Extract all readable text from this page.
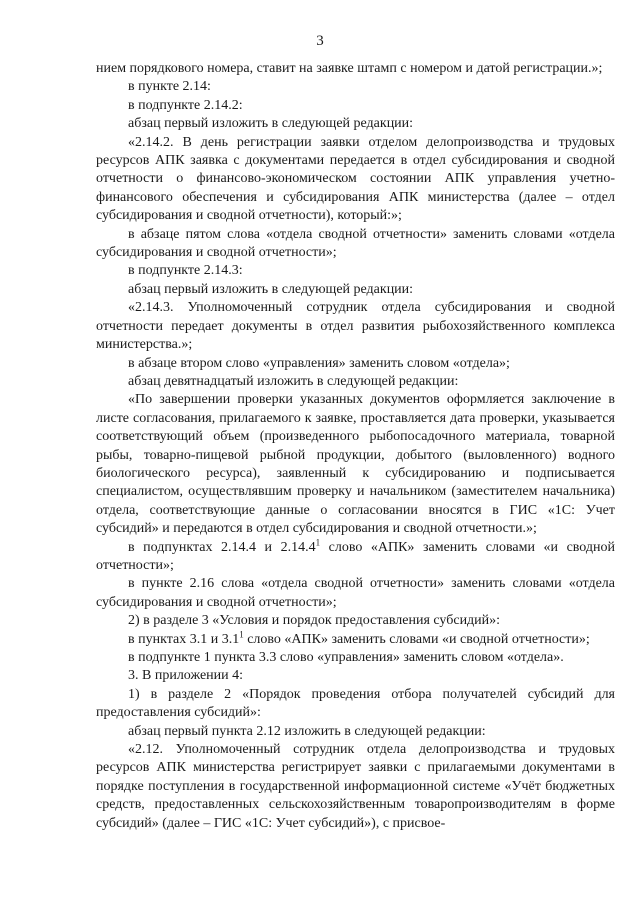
3

нием порядкового номера, ставит на заявке штамп с номером и датой регистрации.»;

в пункте 2.14:

в подпункте 2.14.2:

абзац первый изложить в следующей редакции:

«2.14.2. В день регистрации заявки отделом делопроизводства и трудовых ресурсов АПК заявка с документами передается в отдел субсидирования и сводной отчетности о финансово-экономическом состоянии АПК управления учетно-финансового обеспечения и субсидирования АПК министерства (далее – отдел субсидирования и сводной отчетности), который:»;

в абзаце пятом слова «отдела сводной отчетности» заменить словами «отдела субсидирования и сводной отчетности»;

в подпункте 2.14.3:

абзац первый изложить в следующей редакции:

«2.14.3. Уполномоченный сотрудник отдела субсидирования и сводной отчетности передает документы в отдел развития рыбохозяйственного комплекса министерства.»;

в абзаце втором слово «управления» заменить словом «отдела»;

абзац девятнадцатый изложить в следующей редакции:

«По завершении проверки указанных документов оформляется заключение в листе согласования, прилагаемого к заявке, проставляется дата проверки, указывается соответствующий объем (произведенного рыбопосадочного материала, товарной рыбы, товарно-пищевой рыбной продукции, добытого (выловленного) водного биологического ресурса), заявленный к субсидированию и подписывается специалистом, осуществлявшим проверку и начальником (заместителем начальника) отдела, соответствующие данные о согласовании вносятся в ГИС «1С: Учет субсидий» и передаются в отдел субсидирования и сводной отчетности.»;

в подпунктах 2.14.4 и 2.14.4$^1$ слово «АПК» заменить словами «и сводной отчетности»;

в пункте 2.16 слова «отдела сводной отчетности» заменить словами «отдела субсидирования и сводной отчетности»;

2) в разделе 3 «Условия и порядок предоставления субсидий»:

в пунктах 3.1 и $3.1^1$ слово «АПК» заменить словами «и сводной отчетности»;

в подпункте 1 пункта 3.3 слово «управления» заменить словом «отдела».

3. В приложении 4:

1) в разделе 2 «Порядок проведения отбора получателей субсидий для предоставления субсидий»:

абзац первый пункта 2.12 изложить в следующей редакции:

«2.12. Уполномоченный сотрудник отдела делопроизводства и трудовых ресурсов АПК министерства регистрирует заявки с прилагаемыми документами в порядке поступления в государственной информационной системе «Учёт бюджетных средств, предоставленных сельскохозяйственным товаропроизводителям в форме субсидий» (далее – ГИС «1С: Учет субсидий»), с присвое-
